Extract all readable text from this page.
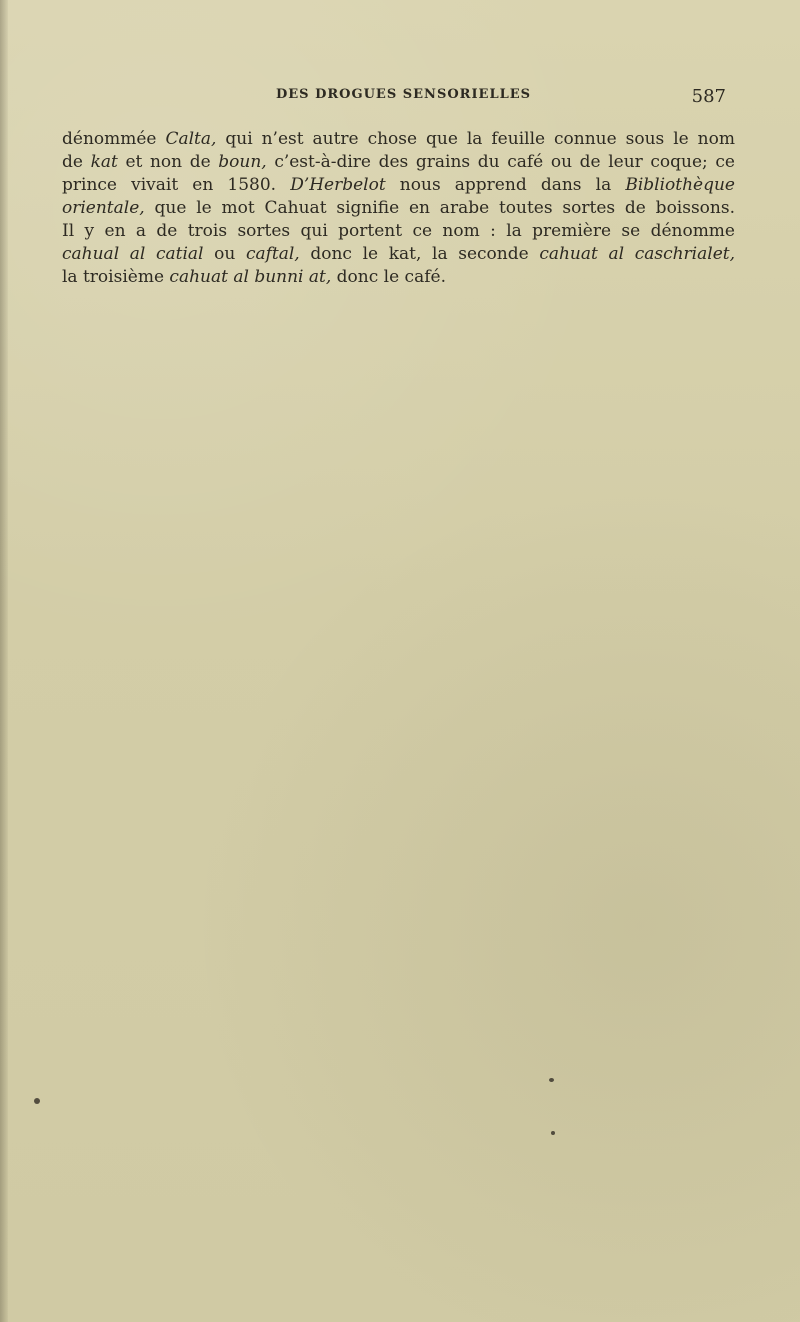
DES DROGUES SENSORIELLES	587
dénommée Calta, qui n’est autre chose que la feuille connue sous le nom
de kat et non de boun, c’est-à-dire des grains du café ou de leur coque; ce
prince vivait en 1580. D’Herbelot nous apprend dans la Bibliothèque
orientale, que le mot Cahuat signifie en arabe toutes sortes de boissons.
Il y en a de trois sortes qui portent ce nom : la première se dénomme
cahual al catial ou caftal, donc le kat, la seconde cahuat al caschrialet,
la troisième cahuat al bunni at, donc le café.
